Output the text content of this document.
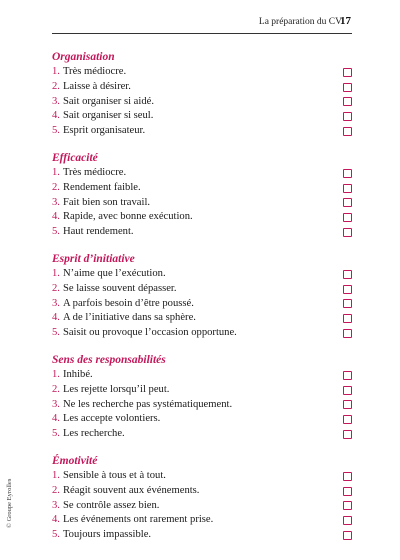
La préparation du CV
17
Organisation
1. Très médiocre.
2. Laisse à désirer.
3. Sait organiser si aidé.
4. Sait organiser si seul.
5. Esprit organisateur.
Efficacité
1. Très médiocre.
2. Rendement faible.
3. Fait bien son travail.
4. Rapide, avec bonne exécution.
5. Haut rendement.
Esprit d’initiative
1. N’aime que l’exécution.
2. Se laisse souvent dépasser.
3. A parfois besoin d’être poussé.
4. A de l’initiative dans sa sphère.
5. Saisit ou provoque l’occasion opportune.
Sens des responsabilités
1. Inhibé.
2. Les rejette lorsqu’il peut.
3. Ne les recherche pas systématiquement.
4. Les accepte volontiers.
5. Les recherche.
Émotivité
1. Sensible à tous et à tout.
2. Réagit souvent aux événements.
3. Se contrôle assez bien.
4. Les événements ont rarement prise.
5. Toujours impassible.
© Groupe Eyrolles
